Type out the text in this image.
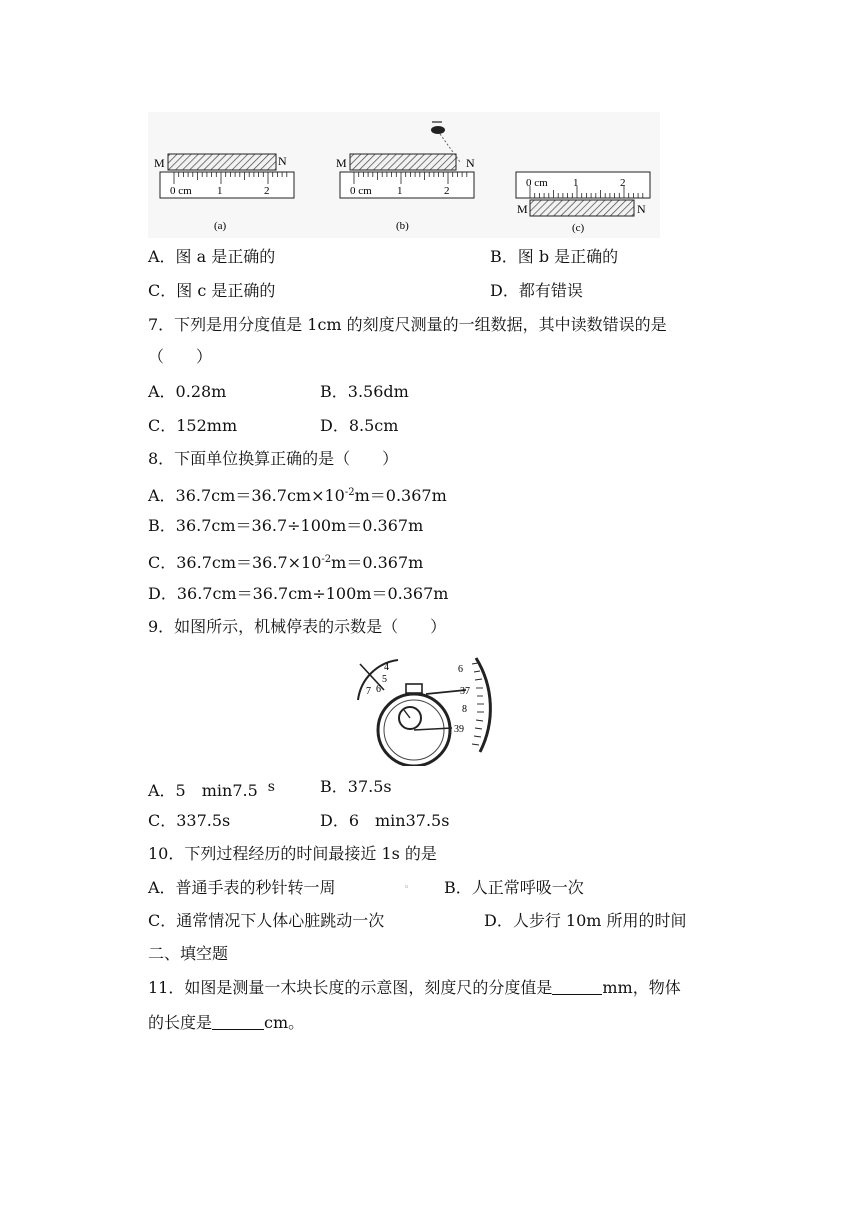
M	N
0 cm 1	2
(a)
M	N
0 cm 1	2
(b)
0 cm 1	2
M	N
(c)
A．图 a 是正确的	B．图 b 是正确的
C．图 c 是正确的	D．都有错误
7．下列是用分度值是 1cm 的刻度尺测量的一组数据，其中读数错误的是
（　　）
A．0.28m	B．3.56dm
C．152mm	D．8.5cm
8．下面单位换算正确的是（　　）
A．$36.7cm=36.7cm\times 10^{-2}m=0.367m$
B．36.7cm＝36.7÷100m＝0.367m
C．$36.7cm=36.7\times 10^{-2}m=0.367m$
D．36.7cm＝36.7cm÷100m＝0.367m
9．如图所示，机械停表的示数是（　　）
4
5
6
7
6
37
8
39
A．5　min7.5 s	B．37.5s
C．337.5s	D．6　min37.5s
10．下列过程经历的时间最接近 1s 的是
A．普通手表的秒针转一周	◦ B．人正常呼吸一次
C．通常情况下人体心脏跳动一次	D．人步行 10m 所用的时间
二、填空题
11．如图是测量一木块长度的示意图，刻度尺的分度值是	mm，物体
的长度是	cm。
